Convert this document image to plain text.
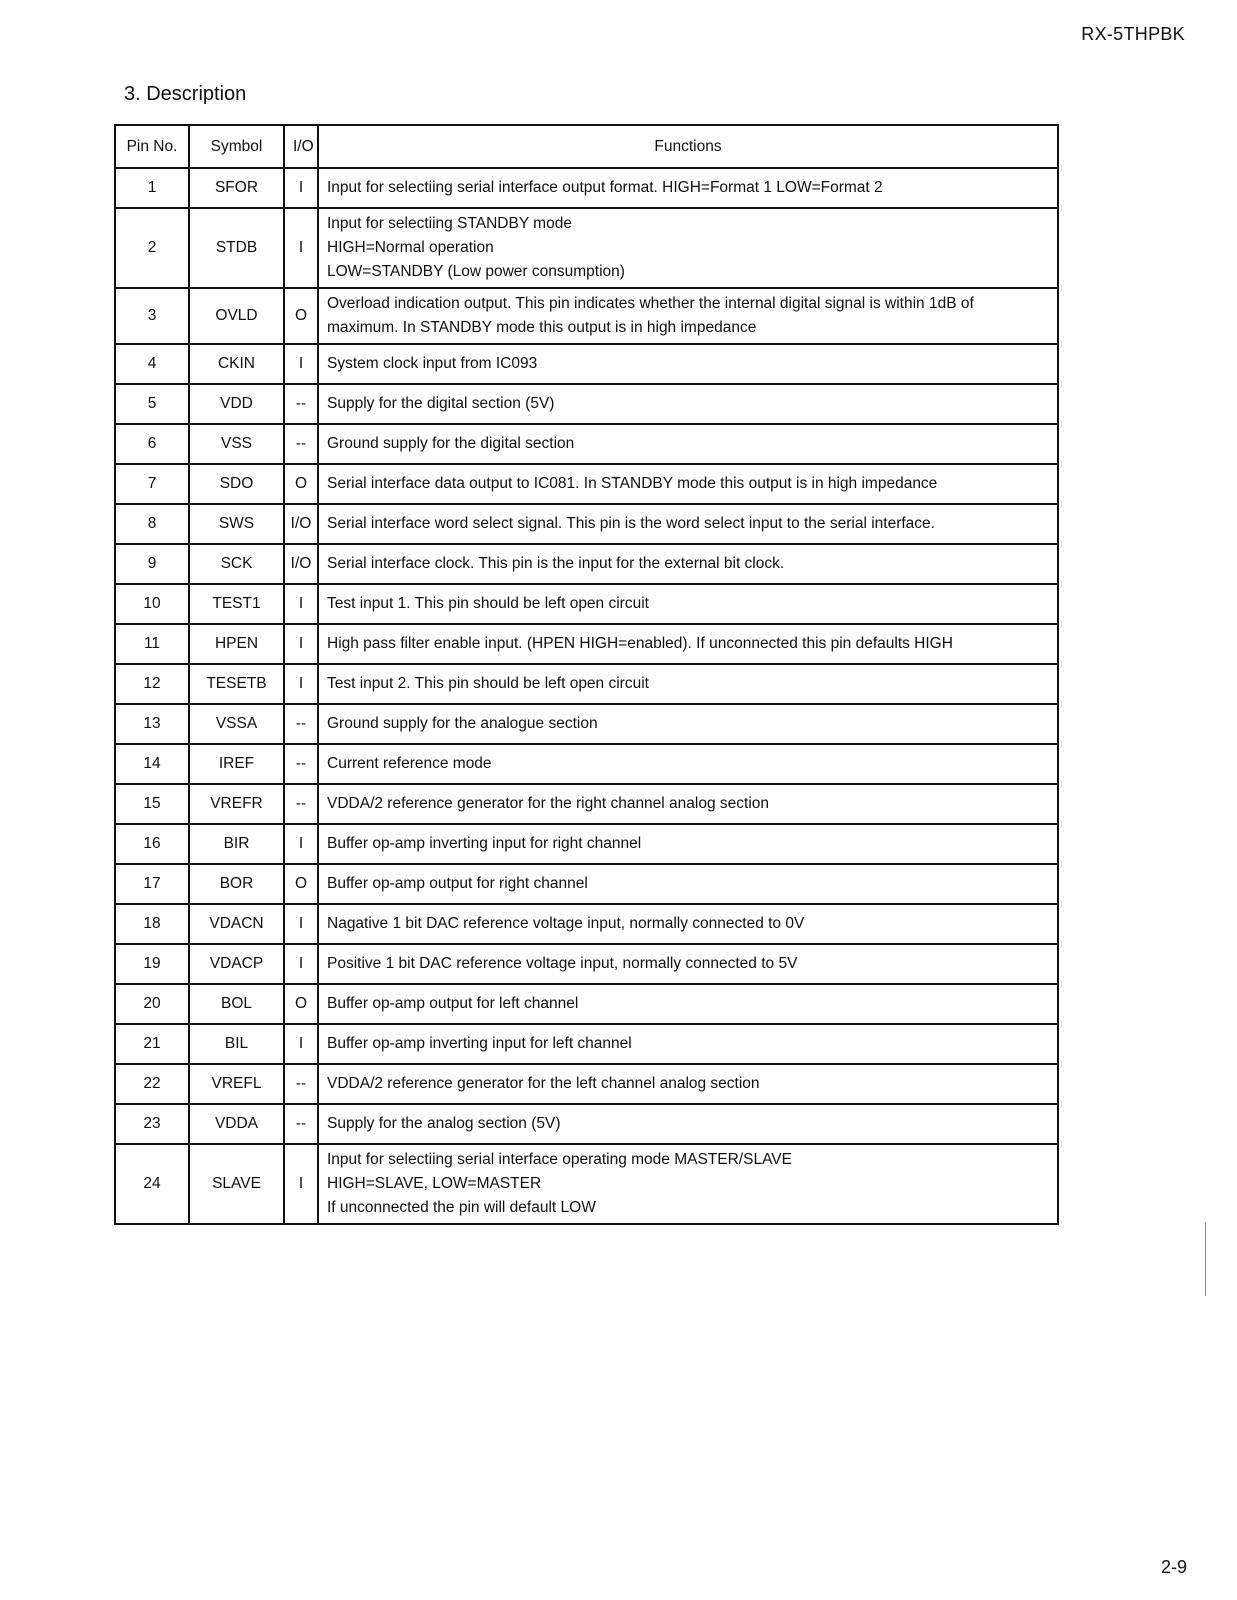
RX-5THPBK
3. Description
Pin No.	Symbol	I/O	Functions
1	SFOR	I	Input for selectiing serial interface output format. HIGH=Format 1 LOW=Format 2

2	STDB	I	Input for selectiing STANDBY mode
HIGH=Normal operation
LOW=STANDBY (Low power consumption)

3	OVLD	O	Overload indication output. This pin indicates whether the internal digital signal is within 1dB of
maximum. In STANDBY mode this output is in high impedance

4	CKIN	I	System clock input from IC093

5	VDD	--	Supply for the digital section (5V)

6	VSS	--	Ground supply for the digital section

7	SDO	O	Serial interface data output to IC081. In STANDBY mode this output is in high impedance

8	SWS	I/O	Serial interface word select signal. This pin is the word select input to the serial interface.

9	SCK	I/O	Serial interface clock. This pin is the input for the external bit clock.

10	TEST1	I	Test input 1. This pin should be left open circuit

11	HPEN	I	High pass filter enable input. (HPEN HIGH=enabled). If unconnected this pin defaults HIGH

12	TESETB	I	Test input 2. This pin should be left open circuit

13	VSSA	--	Ground supply for the analogue section

14	IREF	--	Current reference mode

15	VREFR	--	VDDA/2 reference generator for the right channel analog section

16	BIR	I	Buffer op-amp inverting input for right channel

17	BOR	O	Buffer op-amp output for right channel

18	VDACN	I	Nagative 1 bit DAC reference voltage input, normally connected to 0V

19	VDACP	I	Positive 1 bit DAC reference voltage input, normally connected to 5V

20	BOL	O	Buffer op-amp output for left channel

21	BIL	I	Buffer op-amp inverting input for left channel

22	VREFL	--	VDDA/2 reference generator for the left channel analog section

23	VDDA	--	Supply for the analog section (5V)

24	SLAVE	I	Input for selectiing serial interface operating mode MASTER/SLAVE
HIGH=SLAVE, LOW=MASTER
If unconnected the pin will default LOW
2-9
